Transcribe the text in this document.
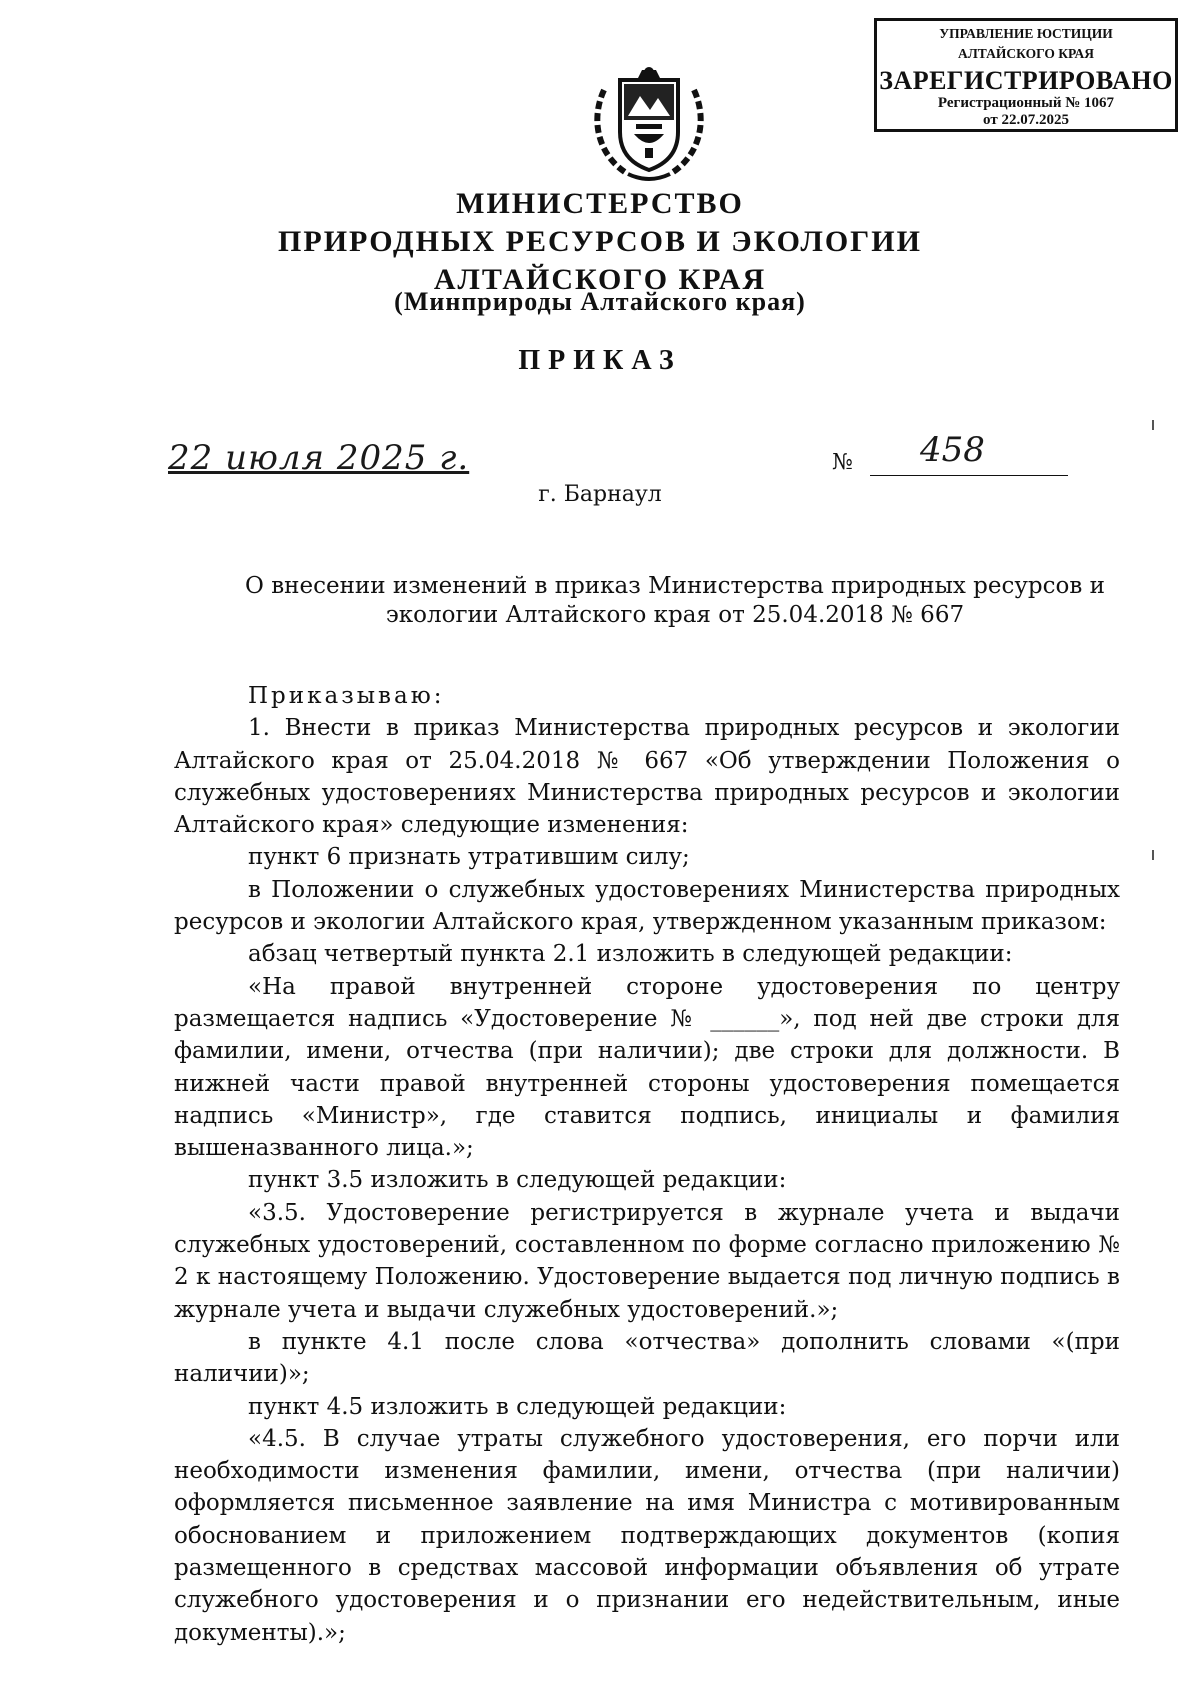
УПРАВЛЕНИЕ ЮСТИЦИИ
АЛТАЙСКОГО КРАЯ
ЗАРЕГИСТРИРОВАНО
Регистрационный № 1067
от 22.07.2025
МИНИСТЕРСТВО
ПРИРОДНЫХ РЕСУРСОВ И ЭКОЛОГИИ
АЛТАЙСКОГО КРАЯ
(Минприроды Алтайского края)
ПРИКАЗ
22 июля 2025 г.	№ 458
г. Барнаул
О внесении изменений в приказ Министерства природных ресурсов и
экологии Алтайского края от 25.04.2018 № 667

Приказываю:

1. Внести в приказ Министерства природных ресурсов и экологии Алтайского края от 25.04.2018 № 667 «Об утверждении Положения о служебных удостоверениях Министерства природных ресурсов и экологии Алтайского края» следующие изменения:

пункт 6 признать утратившим силу;

в Положении о служебных удостоверениях Министерства природных ресурсов и экологии Алтайского края, утвержденном указанным приказом:

абзац четвертый пункта 2.1 изложить в следующей редакции:

«На правой внутренней стороне удостоверения по центру размещается надпись «Удостоверение № ______», под ней две строки для фамилии, имени, отчества (при наличии); две строки для должности. В нижней части правой внутренней стороны удостоверения помещается надпись «Министр», где ставится подпись, инициалы и фамилия вышеназванного лица.»;

пункт 3.5 изложить в следующей редакции:

«3.5. Удостоверение регистрируется в журнале учета и выдачи служебных удостоверений, составленном по форме согласно приложению № 2 к настоящему Положению. Удостоверение выдается под личную подпись в журнале учета и выдачи служебных удостоверений.»;

в пункте 4.1 после слова «отчества» дополнить словами «(при наличии)»;

пункт 4.5 изложить в следующей редакции:

«4.5. В случае утраты служебного удостоверения, его порчи или необходимости изменения фамилии, имени, отчества (при наличии) оформляется письменное заявление на имя Министра с мотивированным обоснованием и приложением подтверждающих документов (копия размещенного в средствах массовой информации объявления об утрате служебного удостоверения и о признании его недействительным, иные документы).»;
